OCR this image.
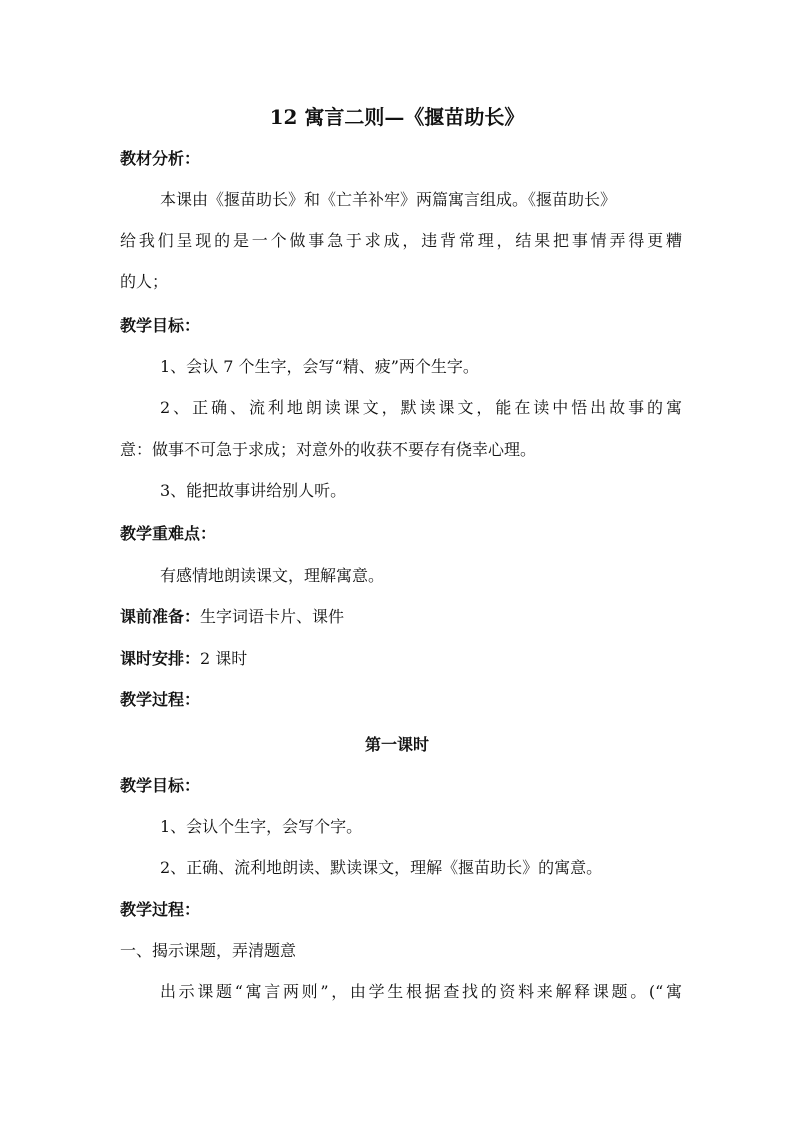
12 寓言二则—《揠苗助长》
教材分析：
本课由《揠苗助长》和《亡羊补牢》两篇寓言组成。《揠苗助长》
给我们呈现的是一个做事急于求成，违背常理，结果把事情弄得更糟
的人；
教学目标：
1、会认 7 个生字，会写“精、疲”两个生字。
2、正确、流利地朗读课文，默读课文，能在读中悟出故事的寓
意：做事不可急于求成；对意外的收获不要存有侥幸心理。
3、能把故事讲给别人听。
教学重难点：
有感情地朗读课文，理解寓意。
课前准备：生字词语卡片、课件
课时安排：2 课时
教学过程：
第一课时
教学目标：
1、会认个生字，会写个字。
2、正确、流利地朗读、默读课文，理解《揠苗助长》的寓意。
教学过程：
一、揭示课题，弄清题意
出示课题“寓言两则”，由学生根据查找的资料来解释课题。(“寓
